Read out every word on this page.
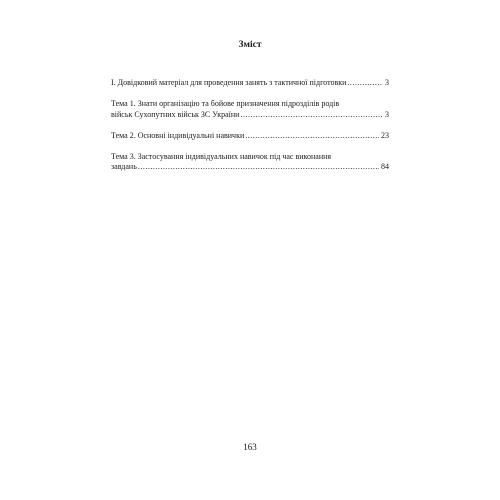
Зміст
І. Довідковий матеріал для проведення занять з тактичної підготовки .....	3
Тема 1. Знати організацію та бойове призначення підрозділів родів
військ Сухопутних військ ЗС України .....	3
Тема 2. Основні індивідуальні навички .....	23
Тема 3. Застосування індивідуальних навичок під час виконання
завдань .....	84
163
